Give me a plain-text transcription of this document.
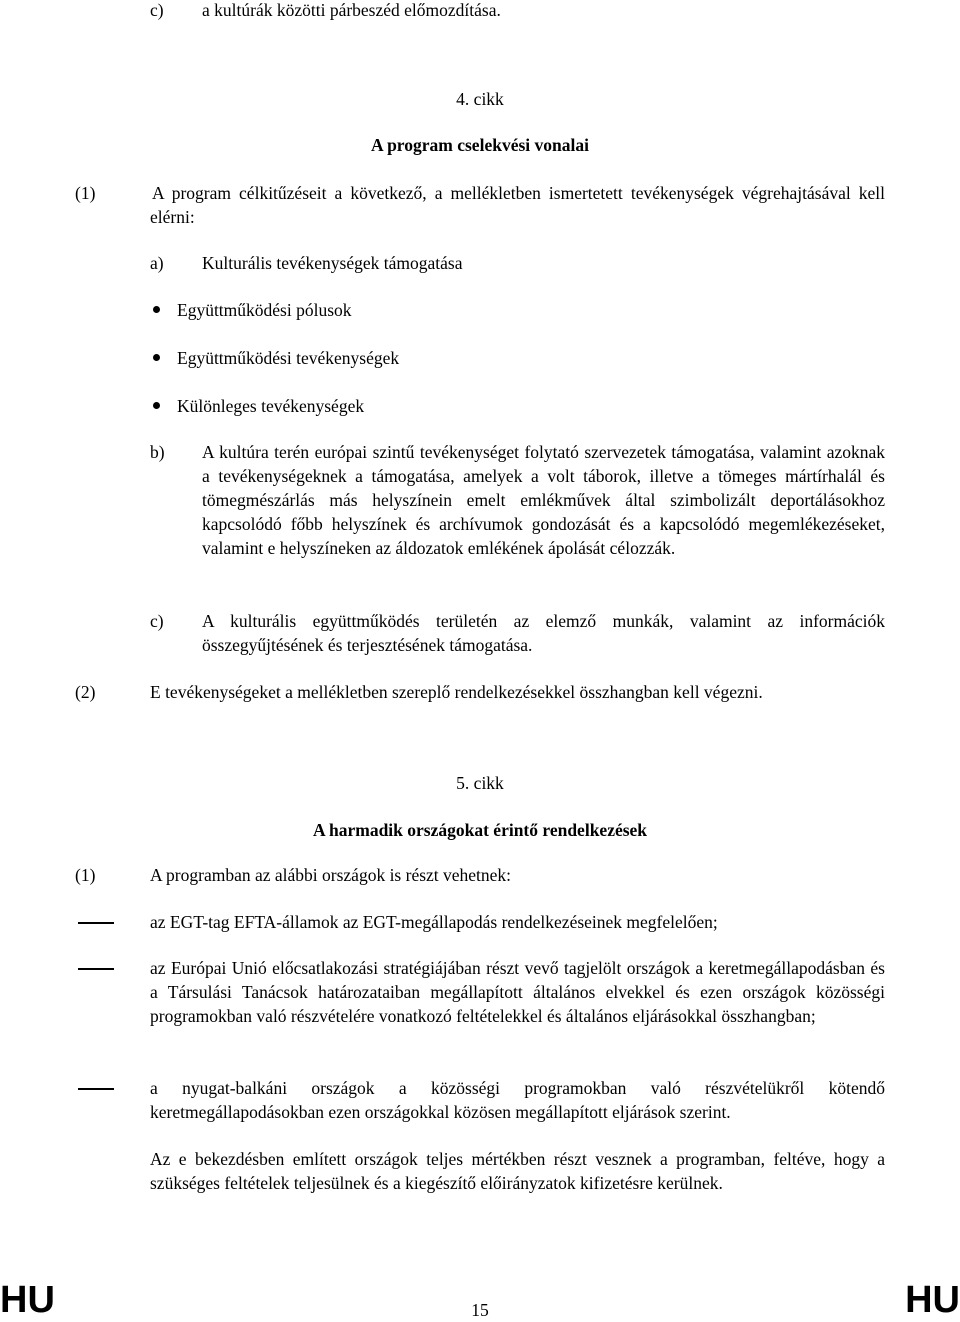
c) a kultúrák közötti párbeszéd előmozdítása.
4. cikk
A program cselekvési vonalai
(1)	A program célkitűzéseit a következő, a mellékletben ismertetett tevékenységek végrehajtásával kell elérni:
a) Kulturális tevékenységek támogatása
Együttműködési pólusok
Együttműködési tevékenységek
Különleges tevékenységek
b) A kultúra terén európai szintű tevékenységet folytató szervezetek támogatása, valamint azoknak a tevékenységeknek a támogatása, amelyek a volt táborok, illetve a tömeges mártírhalál és tömegmészárlás más helyszínein emelt emlékművek által szimbolizált deportálásokhoz kapcsolódó főbb helyszínek és archívumok gondozását és a kapcsolódó megemlékezéseket, valamint e helyszíneken az áldozatok emlékének ápolását célozzák.
c) A kulturális együttműködés területén az elemző munkák, valamint az információk összegyűjtésének és terjesztésének támogatása.
(2)	E tevékenységeket a mellékletben szereplő rendelkezésekkel összhangban kell végezni.
5. cikk
A harmadik országokat érintő rendelkezések
(1)	A programban az alábbi országok is részt vehetnek:
az EGT-tag EFTA-államok az EGT-megállapodás rendelkezéseinek megfelelően;
az Európai Unió előcsatlakozási stratégiájában részt vevő tagjelölt országok a keretmegállapodásban és a Társulási Tanácsok határozataiban megállapított általános elvekkel és ezen országok közösségi programokban való részvételére vonatkozó feltételekkel és általános eljárásokkal összhangban;
a nyugat-balkáni országok a közösségi programokban való részvételükről kötendő keretmegállapodásokban ezen országokkal közösen megállapított eljárások szerint.
Az e bekezdésben említett országok teljes mértékben részt vesznek a programban, feltéve, hogy a szükséges feltételek teljesülnek és a kiegészítő előirányzatok kifizetésre kerülnek.
HU	15	HU
